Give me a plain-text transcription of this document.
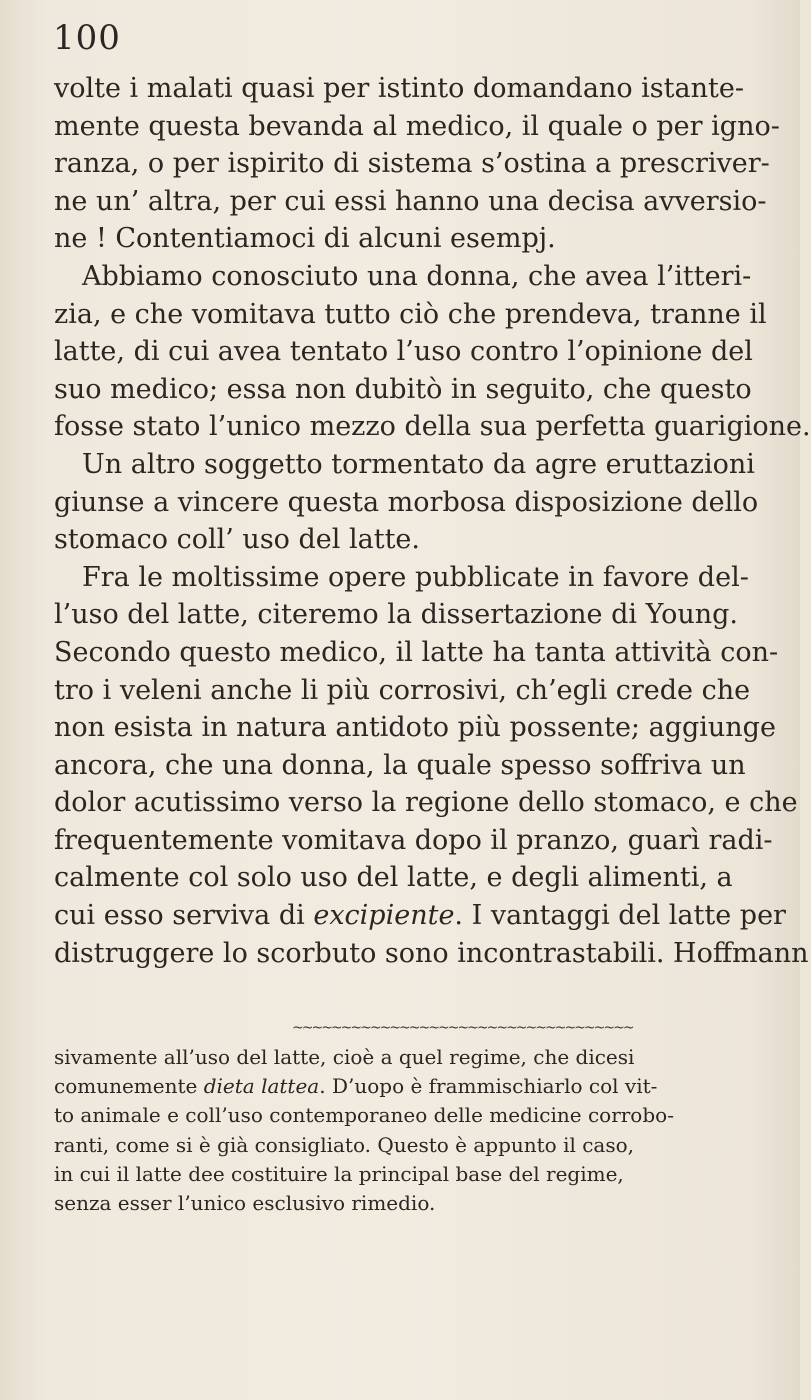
100
volte i malati quasi per istinto domandano istante-
mente questa bevanda al medico, il quale o per igno-
ranza, o per ispirito di sistema s’ostina a prescriver-
ne un’ altra, per cui essi hanno una decisa avversio-
ne ! Contentiamoci di alcuni esempj.
Abbiamo conosciuto una donna, che avea l’itteri-
zia, e che vomitava tutto ciò che prendeva, tranne il
latte, di cui avea tentato l’uso contro l’opinione del
suo medico; essa non dubitò in seguito, che questo
fosse stato l’unico mezzo della sua perfetta guarigione.
Un altro soggetto tormentato da agre eruttazioni
giunse a vincere questa morbosa disposizione dello
stomaco coll’ uso del latte.
Fra le moltissime opere pubblicate in favore del-
l’uso del latte, citeremo la dissertazione di Young.
Secondo questo medico, il latte ha tanta attività con-
tro i veleni anche li più corrosivi, ch’egli crede che
non esista in natura antidoto più possente; aggiunge
ancora, che una donna, la quale spesso soffriva un
dolor acutissimo verso la regione dello stomaco, e che
frequentemente vomitava dopo il pranzo, guarì radi-
calmente col solo uso del latte, e degli alimenti, a
cui esso serviva di excipiente. I vantaggi del latte per
distruggere lo scorbuto sono incontrastabili. Hoffmann
~~~~~~~~~~~~~~~~~~~~~~~~~~~~~~~~~~~
sivamente all’uso del latte, cioè a quel regime, che dicesi
comunemente dieta lattea. D’uopo è frammischiarlo col vit-
to animale e coll’uso contemporaneo delle medicine corrobo-
ranti, come si è già consigliato. Questo è appunto il caso,
in cui il latte dee costituire la principal base del regime,
senza esser l’unico esclusivo rimedio.
